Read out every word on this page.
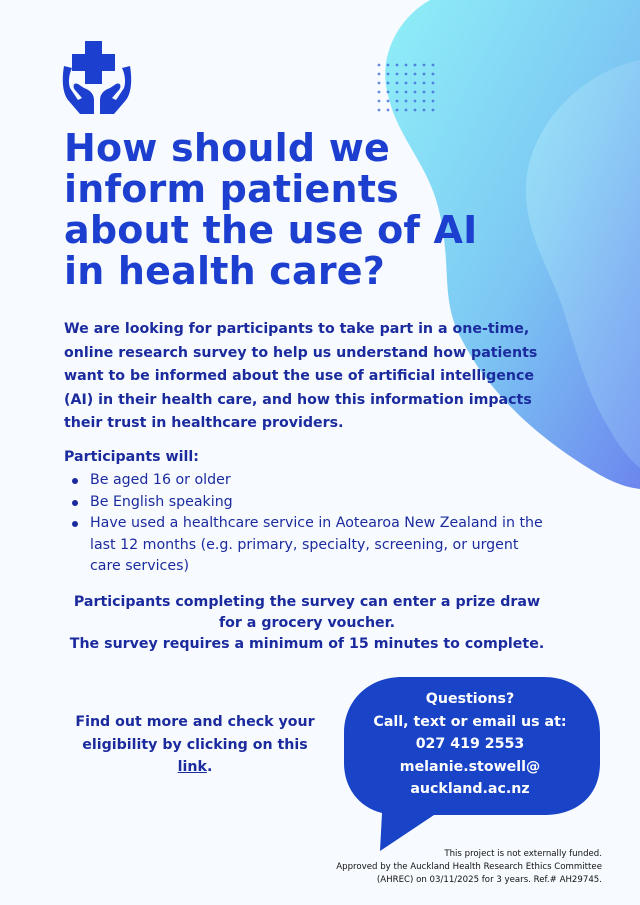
How should we
inform patients
about the use of AI
in health care?

We are looking for participants to take part in a one-time, online research survey to help us understand how patients want to be informed about the use of artificial intelligence (AI) in their health care, and how this information impacts their trust in healthcare providers.

Participants will:

Be aged 16 or older
Be English speaking
Have used a healthcare service in Aotearoa New Zealand in the last 12 months (e.g. primary, specialty, screening, or urgent care services)

Participants completing the survey can enter a prize draw for a grocery voucher.
The survey requires a minimum of 15 minutes to complete.

Find out more and check your eligibility by clicking on this link.

Questions?
Call, text or email us at:
027 419 2553
melanie.stowell@
auckland.ac.nz

This project is not externally funded.
Approved by the Auckland Health Research Ethics Committee
(AHREC) on 03/11/2025 for 3 years. Ref.# AH29745.
